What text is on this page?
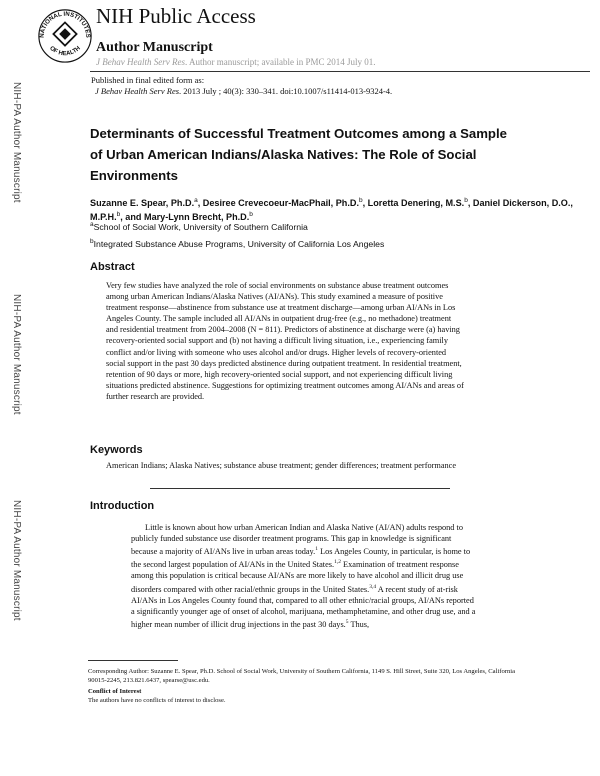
NATIONAL INSTITUTES
OF HEALTH
NIH Public Access
Author Manuscript
J Behav Health Serv Res. Author manuscript; available in PMC 2014 July 01.
Published in final edited form as:
J Behav Health Serv Res. 2013 July ; 40(3): 330–341. doi:10.1007/s11414-013-9324-4.
NIH-PA Author Manuscript
NIH-PA Author Manuscript
NIH-PA Author Manuscript
Determinants of Successful Treatment Outcomes among a Sample of Urban American Indians/Alaska Natives: The Role of Social Environments
Suzanne E. Spear, Ph.D.$^a$, Desiree Crevecoeur-MacPhail, Ph.D.$^b$, Loretta Denering, M.S.$^b$, Daniel Dickerson, D.O., M.P.H.$^b$, and Mary-Lynn Brecht, Ph.D.$^b$
$^a$School of Social Work, University of Southern California
$^b$Integrated Substance Abuse Programs, University of California Los Angeles
Abstract
Very few studies have analyzed the role of social environments on substance abuse treatment outcomes among urban American Indians/Alaska Natives (AI/ANs). This study examined a measure of positive treatment response—abstinence from substance use at treatment discharge—among urban AI/ANs in Los Angeles County. The sample included all AI/ANs in outpatient drug-free (e.g., no methadone) treatment and residential treatment from 2004–2008 (N = 811). Predictors of abstinence at discharge were (a) having recovery-oriented social support and (b) not having a difficult living situation, i.e., experiencing family conflict and/or living with someone who uses alcohol and/or drugs. Higher levels of recovery-oriented social support in the past 30 days predicted abstinence during outpatient treatment. In residential treatment, retention of 90 days or more, high recovery-oriented social support, and not experiencing difficult living situations predicted abstinence. Suggestions for optimizing treatment outcomes among AI/ANs and areas of further research are provided.
Keywords
American Indians; Alaska Natives; substance abuse treatment; gender differences; treatment performance
Introduction
Little is known about how urban American Indian and Alaska Native (AI/AN) adults respond to publicly funded substance use disorder treatment programs. This gap in knowledge is significant because a majority of AI/ANs live in urban areas today.$^1$ Los Angeles County, in particular, is home to the second largest population of AI/ANs in the United States.$^{1,2}$ Examination of treatment response among this population is critical because AI/ANs are more likely to have alcohol and illicit drug use disorders compared with other racial/ethnic groups in the United States.$^{3,4}$ A recent study of at-risk AI/ANs in Los Angeles County found that, compared to all other ethnic/racial groups, AI/ANs reported a significantly younger age of onset of alcohol, marijuana, methamphetamine, and other drug use, and a higher mean number of illicit drug injections in the past 30 days.$^5$ Thus,
Corresponding Author: Suzanne E. Spear, Ph.D. School of Social Work, University of Southern California, 1149 S. Hill Street, Suite 320, Los Angeles, California 90015-2245, 213.821.6437, spearse@usc.edu.
Conflict of Interest
The authors have no conflicts of interest to disclose.
